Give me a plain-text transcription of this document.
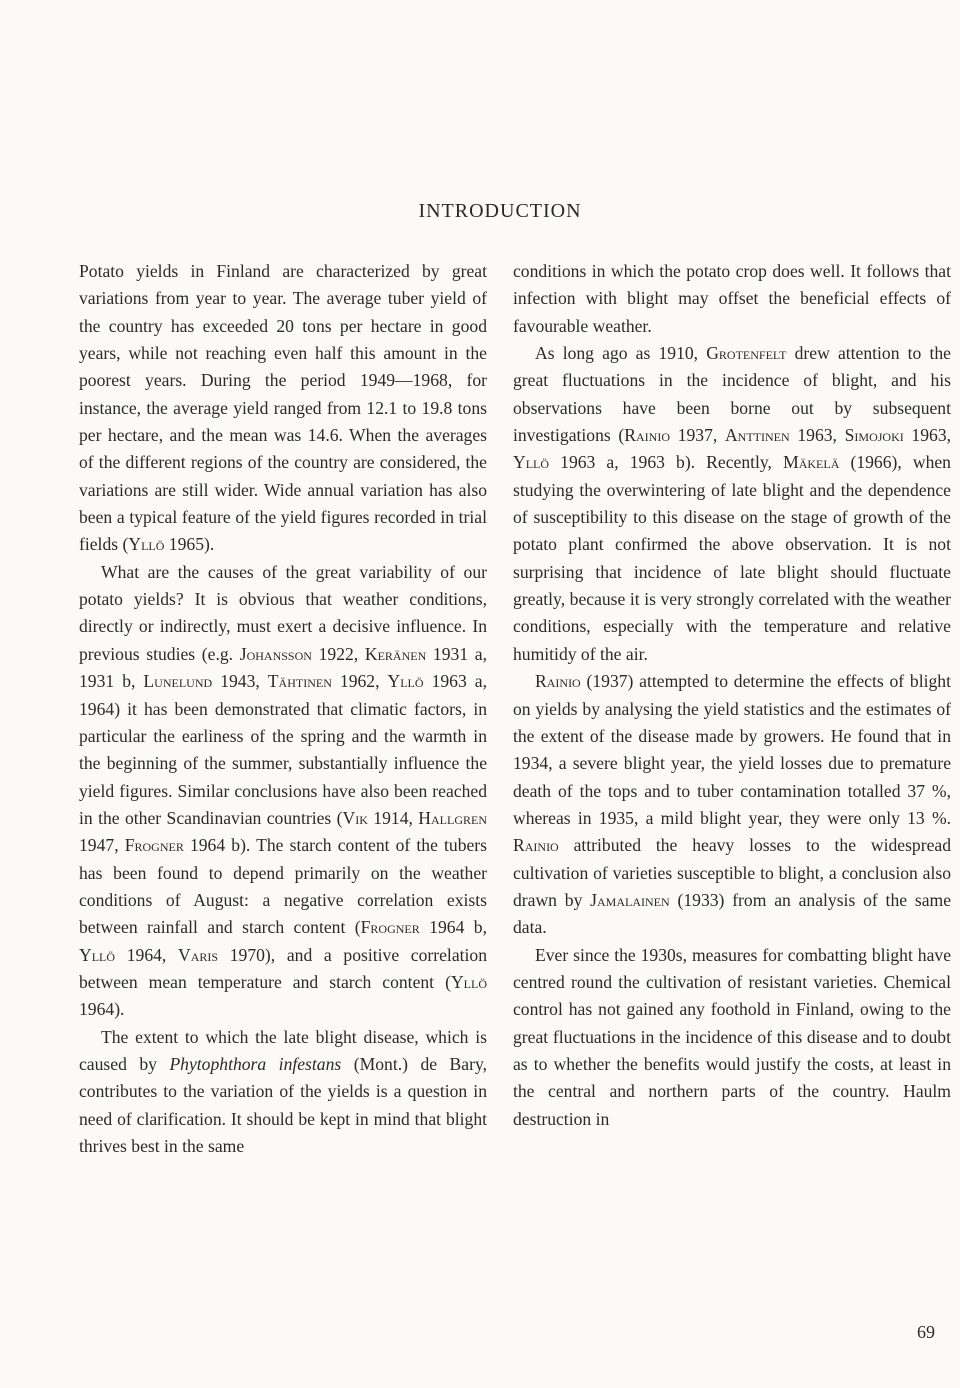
INTRODUCTION

Potato yields in Finland are characterized by great variations from year to year. The average tuber yield of the country has exceeded 20 tons per hectare in good years, while not reaching even half this amount in the poorest years. During the period 1949—1968, for instance, the average yield ranged from 12.1 to 19.8 tons per hectare, and the mean was 14.6. When the averages of the different regions of the country are considered, the variations are still wider. Wide annual variation has also been a typical feature of the yield figures recorded in trial fields (Yllö 1965).

What are the causes of the great variability of our potato yields? It is obvious that weather conditions, directly or indirectly, must exert a decisive influence. In previous studies (e.g. Johansson 1922, Keränen 1931 a, 1931 b, Lunelund 1943, Tähtinen 1962, Yllö 1963 a, 1964) it has been demonstrated that climatic factors, in particular the earliness of the spring and the warmth in the beginning of the summer, substantially influence the yield figures. Similar conclusions have also been reached in the other Scandinavian countries (Vik 1914, Hallgren 1947, Frogner 1964 b). The starch content of the tubers has been found to depend primarily on the weather conditions of August: a negative correlation exists between rainfall and starch content (Frogner 1964 b, Yllö 1964, Varis 1970), and a positive correlation between mean temperature and starch content (Yllö 1964).

The extent to which the late blight disease, which is caused by Phytophthora infestans (Mont.) de Bary, contributes to the variation of the yields is a question in need of clarification. It should be kept in mind that blight thrives best in the same

conditions in which the potato crop does well. It follows that infection with blight may offset the beneficial effects of favourable weather.

As long ago as 1910, Grotenfelt drew attention to the great fluctuations in the incidence of blight, and his observations have been borne out by subsequent investigations (Rainio 1937, Anttinen 1963, Simojoki 1963, Yllö 1963 a, 1963 b). Recently, Mäkelä (1966), when studying the overwintering of late blight and the dependence of susceptibility to this disease on the stage of growth of the potato plant confirmed the above observation. It is not surprising that incidence of late blight should fluctuate greatly, because it is very strongly correlated with the weather conditions, especially with the temperature and relative humitidy of the air.

Rainio (1937) attempted to determine the effects of blight on yields by analysing the yield statistics and the estimates of the extent of the disease made by growers. He found that in 1934, a severe blight year, the yield losses due to premature death of the tops and to tuber contamination totalled 37 %, whereas in 1935, a mild blight year, they were only 13 %. Rainio attributed the heavy losses to the widespread cultivation of varieties susceptible to blight, a conclusion also drawn by Jamalainen (1933) from an analysis of the same data.

Ever since the 1930s, measures for combatting blight have centred round the cultivation of resistant varieties. Chemical control has not gained any foothold in Finland, owing to the great fluctuations in the incidence of this disease and to doubt as to whether the benefits would justify the costs, at least in the central and northern parts of the country. Haulm destruction in

69
